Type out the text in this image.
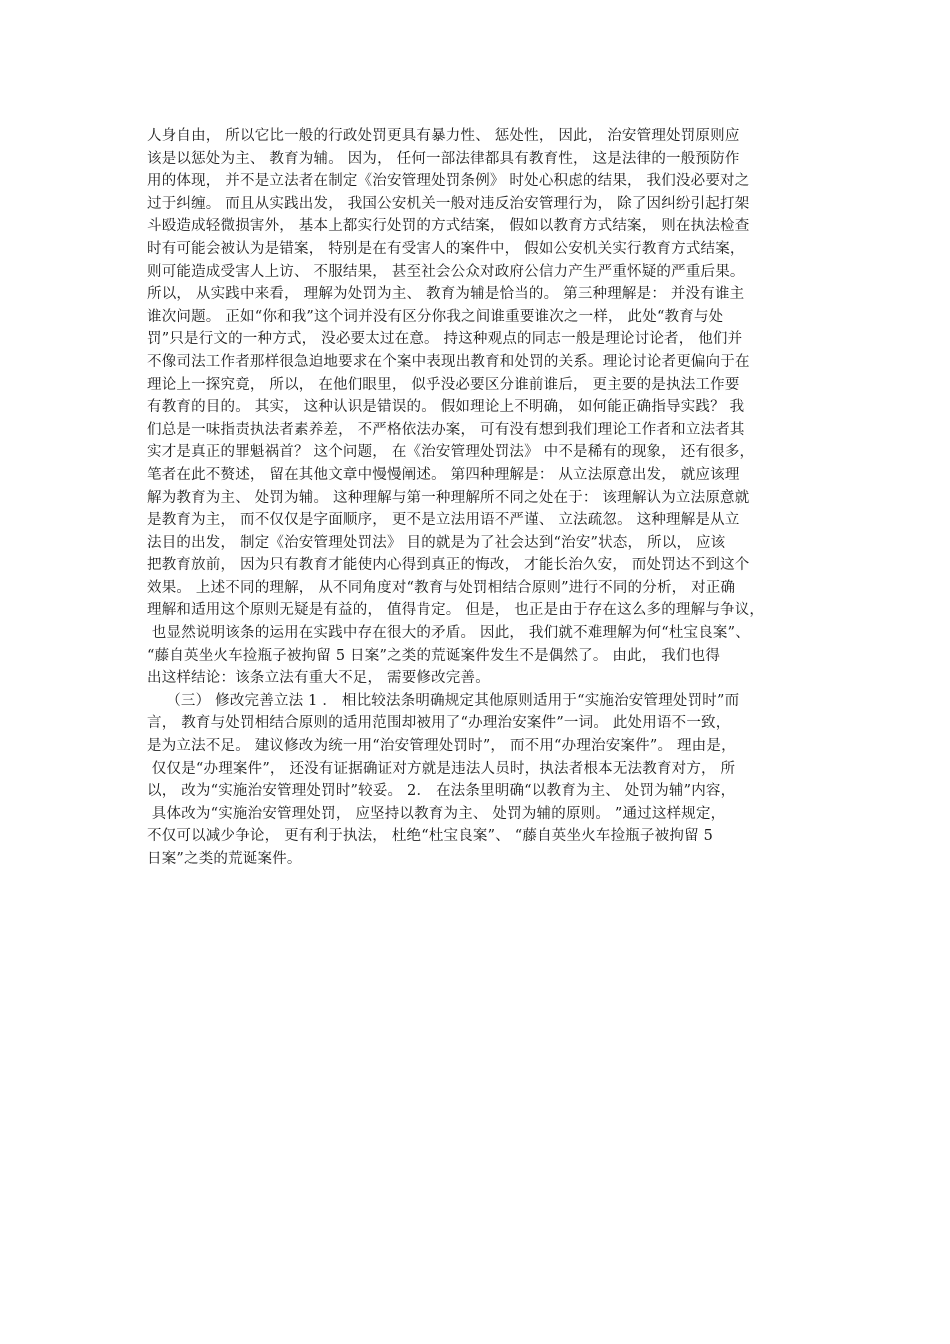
人身自由， 所以它比一般的行政处罚更具有暴力性、 惩处性， 因此， 治安管理处罚原则应
该是以惩处为主、 教育为辅。 因为， 任何一部法律都具有教育性， 这是法律的一般预防作
用的体现， 并不是立法者在制定《治安管理处罚条例》 时处心积虑的结果， 我们没必要对之
过于纠缠。 而且从实践出发， 我国公安机关一般对违反治安管理行为， 除了因纠纷引起打架
斗殴造成轻微损害外， 基本上都实行处罚的方式结案， 假如以教育方式结案， 则在执法检查
时有可能会被认为是错案， 特别是在有受害人的案件中， 假如公安机关实行教育方式结案，
则可能造成受害人上访、 不服结果， 甚至社会公众对政府公信力产生严重怀疑的严重后果。
所以， 从实践中来看， 理解为处罚为主、 教育为辅是恰当的。 第三种理解是： 并没有谁主
谁次问题。 正如“你和我”这个词并没有区分你我之间谁重要谁次之一样， 此处“教育与处
罚”只是行文的一种方式， 没必要太过在意。 持这种观点的同志一般是理论讨论者， 他们并
不像司法工作者那样很急迫地要求在个案中表现出教育和处罚的关系。理论讨论者更偏向于在
理论上一探究竟， 所以， 在他们眼里， 似乎没必要区分谁前谁后， 更主要的是执法工作要
有教育的目的。 其实， 这种认识是错误的。 假如理论上不明确， 如何能正确指导实践？ 我
们总是一味指责执法者素养差， 不严格依法办案， 可有没有想到我们理论工作者和立法者其
实才是真正的罪魁祸首？ 这个问题， 在《治安管理处罚法》 中不是稀有的现象， 还有很多，
笔者在此不赘述， 留在其他文章中慢慢阐述。 第四种理解是： 从立法原意出发， 就应该理
解为教育为主、 处罚为辅。 这种理解与第一种理解所不同之处在于： 该理解认为立法原意就
是教育为主， 而不仅仅是字面顺序， 更不是立法用语不严谨、 立法疏忽。 这种理解是从立
法目的出发， 制定《治安管理处罚法》 目的就是为了社会达到“治安”状态， 所以， 应该
把教育放前， 因为只有教育才能使内心得到真正的悔改， 才能长治久安， 而处罚达不到这个
效果。 上述不同的理解， 从不同角度对“教育与处罚相结合原则”进行不同的分析， 对正确
理解和适用这个原则无疑是有益的， 值得肯定。 但是， 也正是由于存在这么多的理解与争议，
也显然说明该条的运用在实践中存在很大的矛盾。 因此， 我们就不难理解为何“杜宝良案”、
“藤自英坐火车捡瓶子被拘留 5 日案”之类的荒诞案件发生不是偶然了。 由此， 我们也得
出这样结论：该条立法有重大不足， 需要修改完善。
（三） 修改完善立法 1 ． 相比较法条明确规定其他原则适用于“实施治安管理处罚时”而
言， 教育与处罚相结合原则的适用范围却被用了“办理治安案件”一词。 此处用语不一致，
是为立法不足。 建议修改为统一用“治安管理处罚时”， 而不用“办理治安案件”。 理由是，
仅仅是“办理案件”， 还没有证据确证对方就是违法人员时，执法者根本无法教育对方， 所
以， 改为“实施治安管理处罚时”较妥。 2． 在法条里明确“以教育为主、 处罚为辅”内容，
具体改为“实施治安管理处罚， 应坚持以教育为主、 处罚为辅的原则。 ”通过这样规定，
不仅可以减少争论， 更有利于执法， 杜绝“杜宝良案”、 “藤自英坐火车捡瓶子被拘留 5
日案”之类的荒诞案件。
